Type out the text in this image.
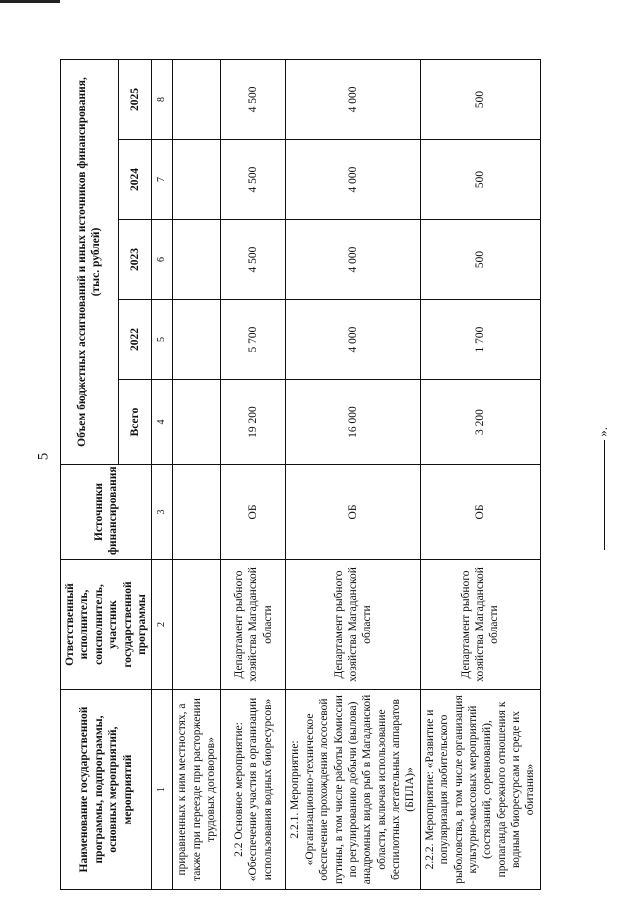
5
Наименование государственной программы, подпрограммы, основных мероприятий, мероприятий	Ответственный исполнитель, соисполнитель, участник государственной программы	Источники финансирования	Объем бюджетных ассигнований и иных источников финансирования, (тыс. рублей)				
			Всего	2022	2023	2024	2025
1	2	3	4	5	6	7	8
приравненных к ним местностях, а также при переезде при расторжении трудовых договоров»							
2.2 Основное мероприятие: «Обеспечение участия в организации использования водных биоресурсов»	Департамент рыбного хозяйства Магаданской области	ОБ	19 200	5 700	4 500	4 500	4 500
2.2.1. Мероприятие: «Организационно-техническое обеспечение прохождения лососевой путины, в том числе работы Комиссии по регулированию добычи (вылова) анадромных видов рыб в Магаданской области, включая использование беспилотных летательных аппаратов (БПЛА)»	Департамент рыбного хозяйства Магаданской области	ОБ	16 000	4 000	4 000	4 000	4 000
2.2.2. Мероприятие: «Развитие и популяризация любительского рыболовства, в том числе организация культурно-массовых мероприятий (состязаний, соревнований), пропаганда бережного отношения к водным биоресурсам и среде их обитания»	Департамент рыбного хозяйства Магаданской области	ОБ	3 200	1 700	500	500	500
».
